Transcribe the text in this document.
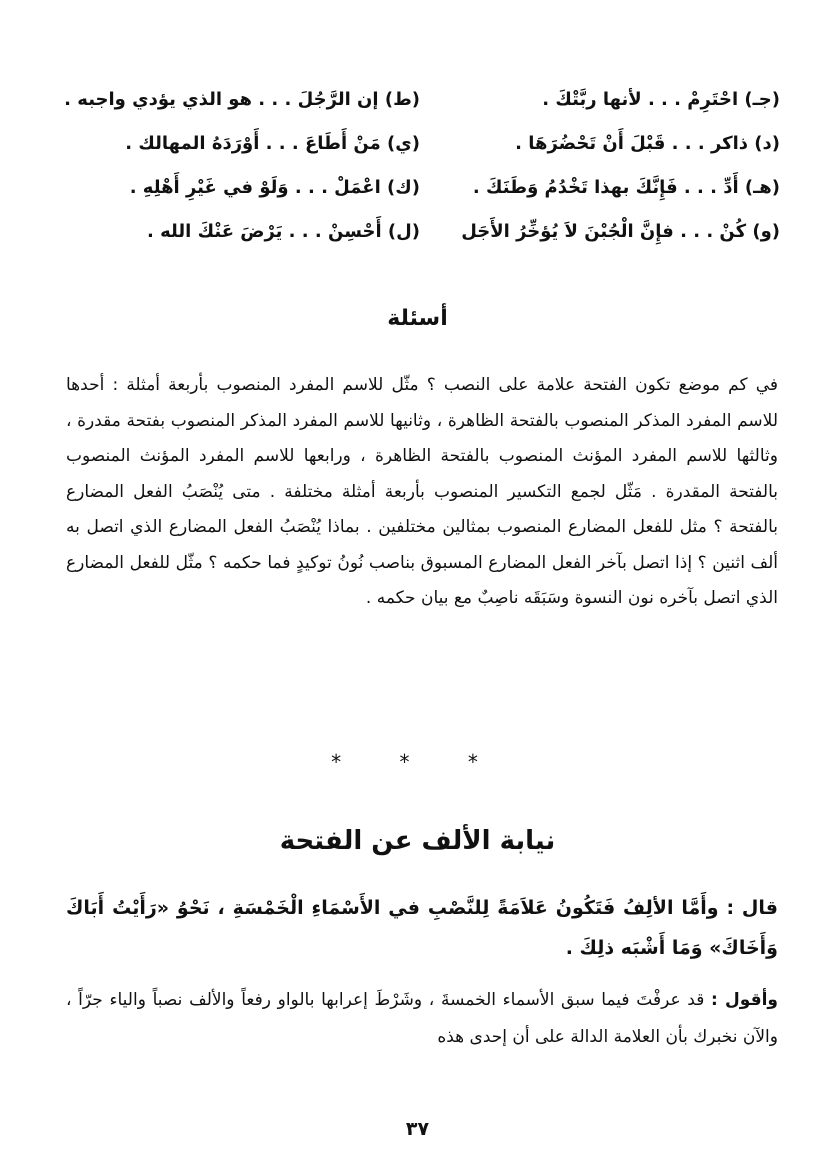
(جـ) احْتَرِمْ . . . لأنها ربَّتْكَ .
(ط) إن الرَّجُلَ . . . هو الذي يؤدي واجبه .
(د) ذاكر . . . قَبْلَ أَنْ تَحْضُرَهَا .
(ي) مَنْ أَطَاعَ . . . أَوْرَدَهُ المهالك .
(هـ) أَدِّ . . . فَإِنَّكَ بهذا تَخْدُمُ وَطَنَكَ .
(ك) اعْمَلْ . . . وَلَوْ في غَيْرِ أَهْلِهِ .
(و) كُنْ . . . فإِنَّ الْجُبْنَ لاَ يُؤخِّرُ الأَجَل
(ل) أَحْسِنْ . . . يَرْضَ عَنْكَ الله .
أسئلة
في كم موضع تكون الفتحة علامة على النصب ؟ مثّل للاسم المفرد المنصوب بأربعة أمثلة : أحدها للاسم المفرد المذكر المنصوب بالفتحة الظاهرة ، وثانيها للاسم المفرد المذكر المنصوب بفتحة مقدرة ، وثالثها للاسم المفرد المؤنث المنصوب بالفتحة الظاهرة ، ورابعها للاسم المفرد المؤنث المنصوب بالفتحة المقدرة . مَثّل لجمع التكسير المنصوب بأربعة أمثلة مختلفة . متى يُنْصَبُ الفعل المضارع بالفتحة ؟ مثل للفعل المضارع المنصوب بمثالين مختلفين . بماذا يُنْصَبُ الفعل المضارع الذي اتصل به ألف اثنين ؟ إذا اتصل بآخر الفعل المضارع المسبوق بناصب نُونُ توكيدٍ فما حكمه ؟ مثّل للفعل المضارع الذي اتصل بآخره نون النسوة وسَبَقَه ناصِبٌ مع بيان حكمه .
* * *
نيابة الألف عن الفتحة
قال : وأَمَّا الألِفُ فَتَكُونُ عَلاَمَةً لِلنَّصْبِ في الأَسْمَاءِ الْخَمْسَةِ ، نَحْوُ «رَأَيْتُ أَبَاكَ وَأَخَاكَ» وَمَا أَشْبَه ذلِكَ .
وأقول : قد عرفْتَ فيما سبق الأسماء الخمسةَ ، وشَرْطَ إعرابها بالواو رفعاً والألف نصباً والياء جرّاً ، والآن نخبرك بأن العلامة الدالة على أن إحدى هذه
٣٧
